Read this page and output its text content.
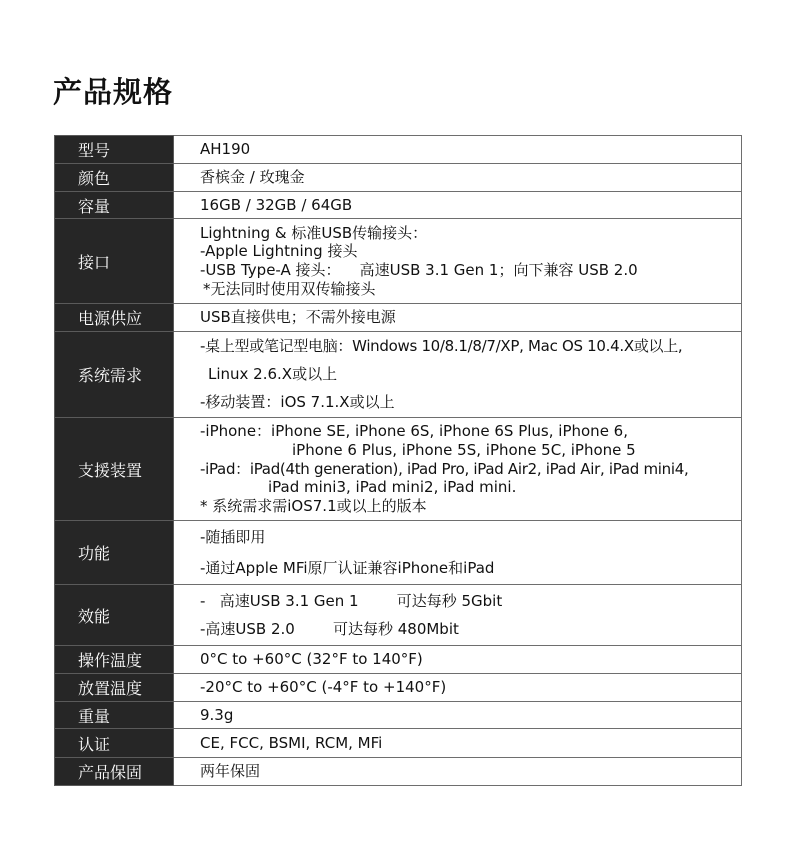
产品规格
型号	AH190

颜色	香槟金 / 玫瑰金

容量	16GB / 32GB / 64GB

接口	Lightning & 标准USB传输接头：
-Apple Lightning 接头
-USB Type-A 接头：    高速USB 3.1 Gen 1；向下兼容 USB 2.0
*无法同时使用双传输接头

电源供应	USB直接供电；不需外接电源

系统需求	-桌上型或笔记型电脑：Windows 10/8.1/8/7/XP, Mac OS 10.4.X或以上,
Linux 2.6.X或以上
-移动装置：iOS 7.1.X或以上

支援装置	-iPhone：iPhone SE, iPhone 6S, iPhone 6S Plus, iPhone 6,
iPhone 6 Plus, iPhone 5S, iPhone 5C, iPhone 5
-iPad：iPad(4th generation), iPad Pro, iPad Air2, iPad Air, iPad mini4,
iPad mini3, iPad mini2, iPad mini.
* 系统需求需iOS7.1或以上的版本

功能	-随插即用
-通过Apple MFi原厂认证兼容iPhone和iPad

效能	-   高速USB 3.1 Gen 1        可达每秒 5Gbit
-高速USB 2.0        可达每秒 480Mbit

操作温度	0°C to +60°C (32°F to 140°F)

放置温度	-20°C to +60°C (-4°F to +140°F)

重量	9.3g

认证	CE, FCC, BSMI, RCM, MFi

产品保固	两年保固
